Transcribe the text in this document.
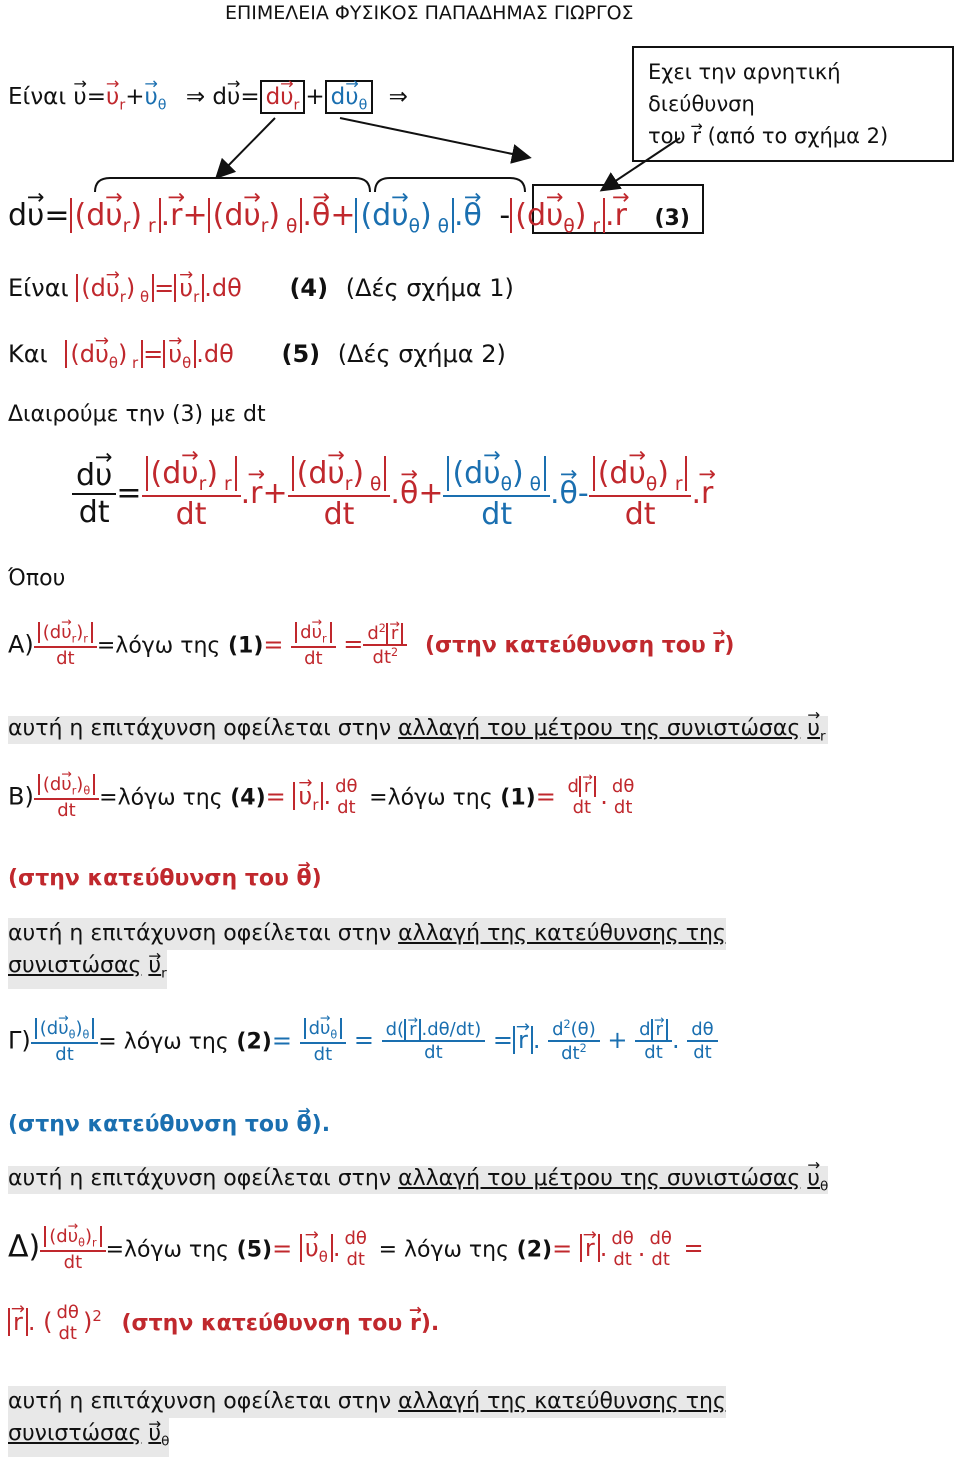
ΕΠΙΜΕΛΕΙΑ ΦΥΣΙΚΟΣ ΠΑΠΑΔΗΜΑΣ ΓΙΩΡΓΟΣ
$Eί\nu\alpha\iota \to \upsilon=\to \upsilon_r+\to \upsilon_\theta$ ⇒ $d\to \upsilon= d\to \upsilon_r + d\to \upsilon_\theta$ ⇒
Εχει την αρνητική διεύθυνση
του → r (από το σχήμα 2)
$d\to \upsilon= (d\to \upsilon_r)$ $_r$ .→ $r+ (d\to \upsilon_r)$ $_\theta$ .→ $\theta+ (d\to \upsilon_\theta)$ $_\theta$ .→ $\theta - (d\to \upsilon_\theta)$ $_r$ .→ r (3)
Είναι $(d\to \upsilon_r)$ $_\theta =\to \upsilon_r$ .dθ (4) (Δές σχήμα 1)
Και $(d\to \upsilon_\theta)$ $_r =\to \upsilon_\theta$ .dθ (5) (Δές σχήμα 2)
Διαιρούμε την (3) με dt
$\frac{d\to \upsilon}{dt} = \frac{(d\to \upsilon_r) _r}{dt}$ .→ $r+ \frac{(d\to \upsilon_r) _\theta}{dt}$ .→ $\theta+ \frac{(d\to \upsilon_\theta) _\theta}{dt}$ .→ $\theta- \frac{(d\to \upsilon_\theta) _r}{dt}$ .→ r
Όπου
$A) \frac{(d\to \upsilon_r)_r}{dt} =\lambda ό\gamma\omega$ της $(1)= \frac{d\to \upsilon_r}{dt} = \frac{d^2\to r}{dt^2} (\sigma\tau\eta\nu$ κατεύθυνση του → r)
αυτή η επιτάχυνση οφείλεται στην αλλαγή του μέτρου της $\sigma\upsilon\nu\iota\sigma\tau ώ\sigma\alpha\varsigma \to \upsilon_r$
$B) \frac{(d\to \upsilon_r)_\theta}{dt} =\lambda ό\gamma\omega$ της $(4)= \to \upsilon_r$ . dθ
dt =λόγω της (1)= d→ r
dt . dθ
dt
(στην κατεύθυνση του → θ)
αυτή η επιτάχυνση οφείλεται στην αλλαγή της κατεύθυνσης της
$\sigma\upsilon\nu\iota\sigma\tau ώ\sigma\alpha\varsigma \to \upsilon_r$
$\Gamma) \frac{(d\to \upsilon_\theta)_\theta}{dt} = \lambda ό\gamma\omega$ της $(2)= \frac{d\to \upsilon_\theta}{dt} = \frac{d(\to r .d\theta/dt)}{dt} =\to r$ . $\frac{d^2(\theta)}{dt^2} + \frac{d\to r}{dt}$ . $\frac{d\theta}{dt}$
(στην κατεύθυνση του → θ).
αυτή η επιτάχυνση οφείλεται στην αλλαγή του μέτρου της $\sigma\upsilon\nu\iota\sigma\tau ώ\sigma\alpha\varsigma \to \upsilon_\theta$
$\Delta) \frac{(d\to \upsilon_\theta)_r}{dt} =\lambda ό\gamma\omega$ της $(5)= \to \upsilon_\theta$ . dθ
dt = λόγω της (2)= → r . dθ
dt . dθ
dt =
→ r . ( dθ
dt )$^2$ (στην κατεύθυνση του → r).
αυτή η επιτάχυνση οφείλεται στην αλλαγή της κατεύθυνσης της
$\sigma\upsilon\nu\iota\sigma\tau ώ\sigma\alpha\varsigma \to \upsilon_\theta$
